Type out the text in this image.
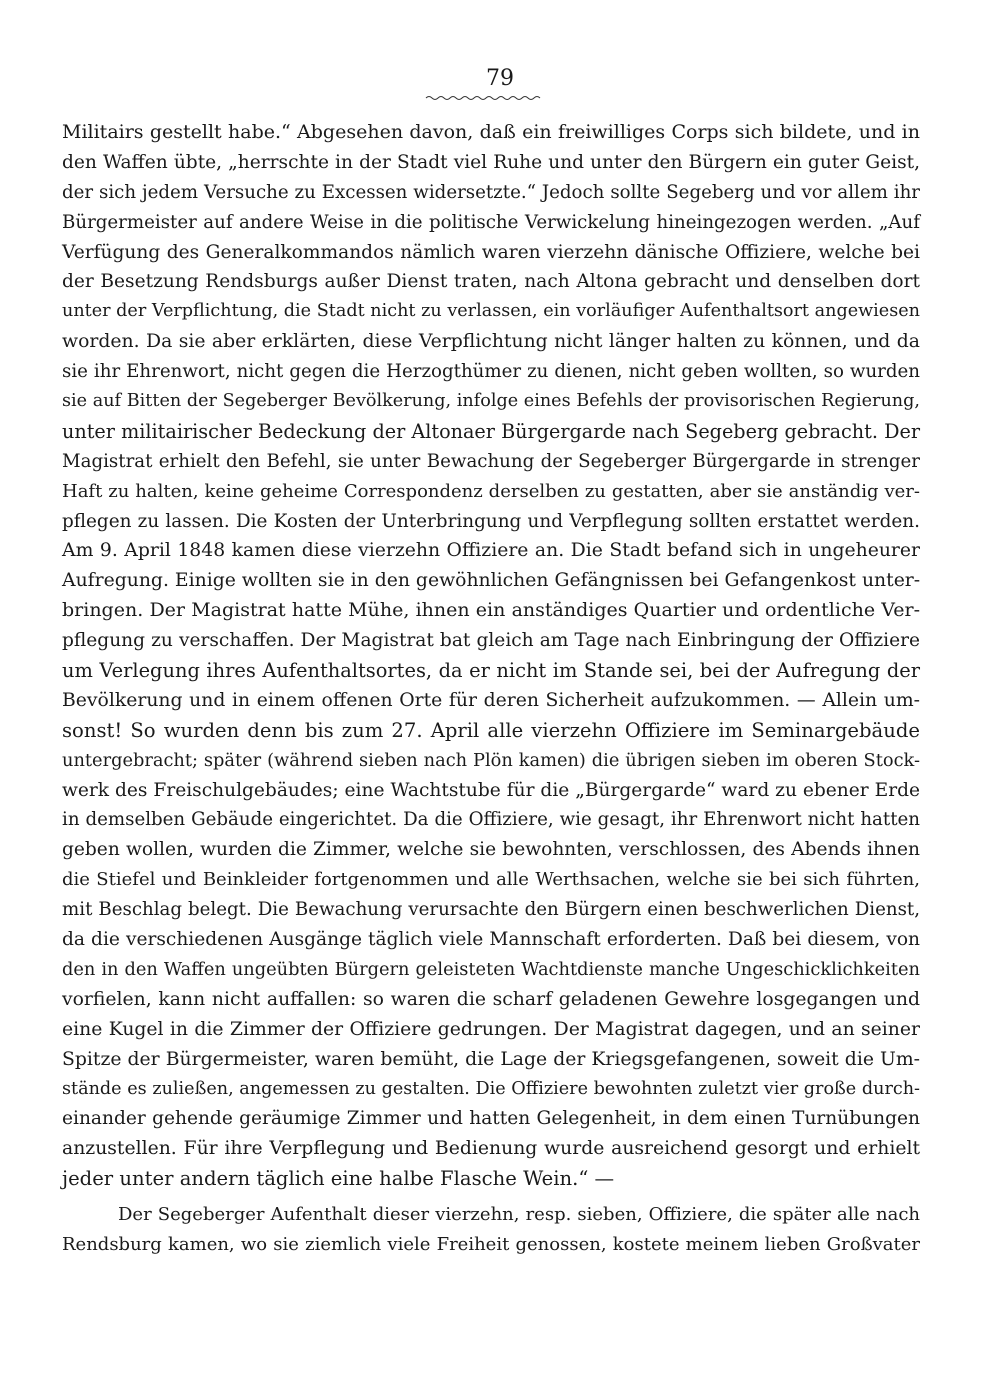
79
Militairs gestellt habe.“ Abgesehen davon, daß ein freiwilliges Corps sich bildete, und in
den Waffen übte, „herrschte in der Stadt viel Ruhe und unter den Bürgern ein guter Geist,
der sich jedem Versuche zu Excessen widersetzte.“ Jedoch sollte Segeberg und vor allem ihr
Bürgermeister auf andere Weise in die politische Verwickelung hineingezogen werden. „Auf
Verfügung des Generalkommandos nämlich waren vierzehn dänische Offiziere, welche bei
der Besetzung Rendsburgs außer Dienst traten, nach Altona gebracht und denselben dort
unter der Verpflichtung, die Stadt nicht zu verlassen, ein vorläufiger Aufenthaltsort angewiesen
worden. Da sie aber erklärten, diese Verpflichtung nicht länger halten zu können, und da
sie ihr Ehrenwort, nicht gegen die Herzogthümer zu dienen, nicht geben wollten, so wurden
sie auf Bitten der Segeberger Bevölkerung, infolge eines Befehls der provisorischen Regierung,
unter militairischer Bedeckung der Altonaer Bürgergarde nach Segeberg gebracht. Der
Magistrat erhielt den Befehl, sie unter Bewachung der Segeberger Bürgergarde in strenger
Haft zu halten, keine geheime Correspondenz derselben zu gestatten, aber sie anständig ver-
pflegen zu lassen. Die Kosten der Unterbringung und Verpflegung sollten erstattet werden.
Am 9. April 1848 kamen diese vierzehn Offiziere an. Die Stadt befand sich in ungeheurer
Aufregung. Einige wollten sie in den gewöhnlichen Gefängnissen bei Gefangenkost unter-
bringen. Der Magistrat hatte Mühe, ihnen ein anständiges Quartier und ordentliche Ver-
pflegung zu verschaffen. Der Magistrat bat gleich am Tage nach Einbringung der Offiziere
um Verlegung ihres Aufenthaltsortes, da er nicht im Stande sei, bei der Aufregung der
Bevölkerung und in einem offenen Orte für deren Sicherheit aufzukommen. — Allein um-
sonst! So wurden denn bis zum 27. April alle vierzehn Offiziere im Seminargebäude
untergebracht; später (während sieben nach Plön kamen) die übrigen sieben im oberen Stock-
werk des Freischulgebäudes; eine Wachtstube für die „Bürgergarde“ ward zu ebener Erde
in demselben Gebäude eingerichtet. Da die Offiziere, wie gesagt, ihr Ehrenwort nicht hatten
geben wollen, wurden die Zimmer, welche sie bewohnten, verschlossen, des Abends ihnen
die Stiefel und Beinkleider fortgenommen und alle Werthsachen, welche sie bei sich führten,
mit Beschlag belegt. Die Bewachung verursachte den Bürgern einen beschwerlichen Dienst,
da die verschiedenen Ausgänge täglich viele Mannschaft erforderten. Daß bei diesem, von
den in den Waffen ungeübten Bürgern geleisteten Wachtdienste manche Ungeschicklichkeiten
vorfielen, kann nicht auffallen: so waren die scharf geladenen Gewehre losgegangen und
eine Kugel in die Zimmer der Offiziere gedrungen. Der Magistrat dagegen, und an seiner
Spitze der Bürgermeister, waren bemüht, die Lage der Kriegsgefangenen, soweit die Um-
stände es zuließen, angemessen zu gestalten. Die Offiziere bewohnten zuletzt vier große durch-
einander gehende geräumige Zimmer und hatten Gelegenheit, in dem einen Turnübungen
anzustellen. Für ihre Verpflegung und Bedienung wurde ausreichend gesorgt und erhielt
jeder unter andern täglich eine halbe Flasche Wein.“ —
Der Segeberger Aufenthalt dieser vierzehn, resp. sieben, Offiziere, die später alle nach
Rendsburg kamen, wo sie ziemlich viele Freiheit genossen, kostete meinem lieben Großvater
